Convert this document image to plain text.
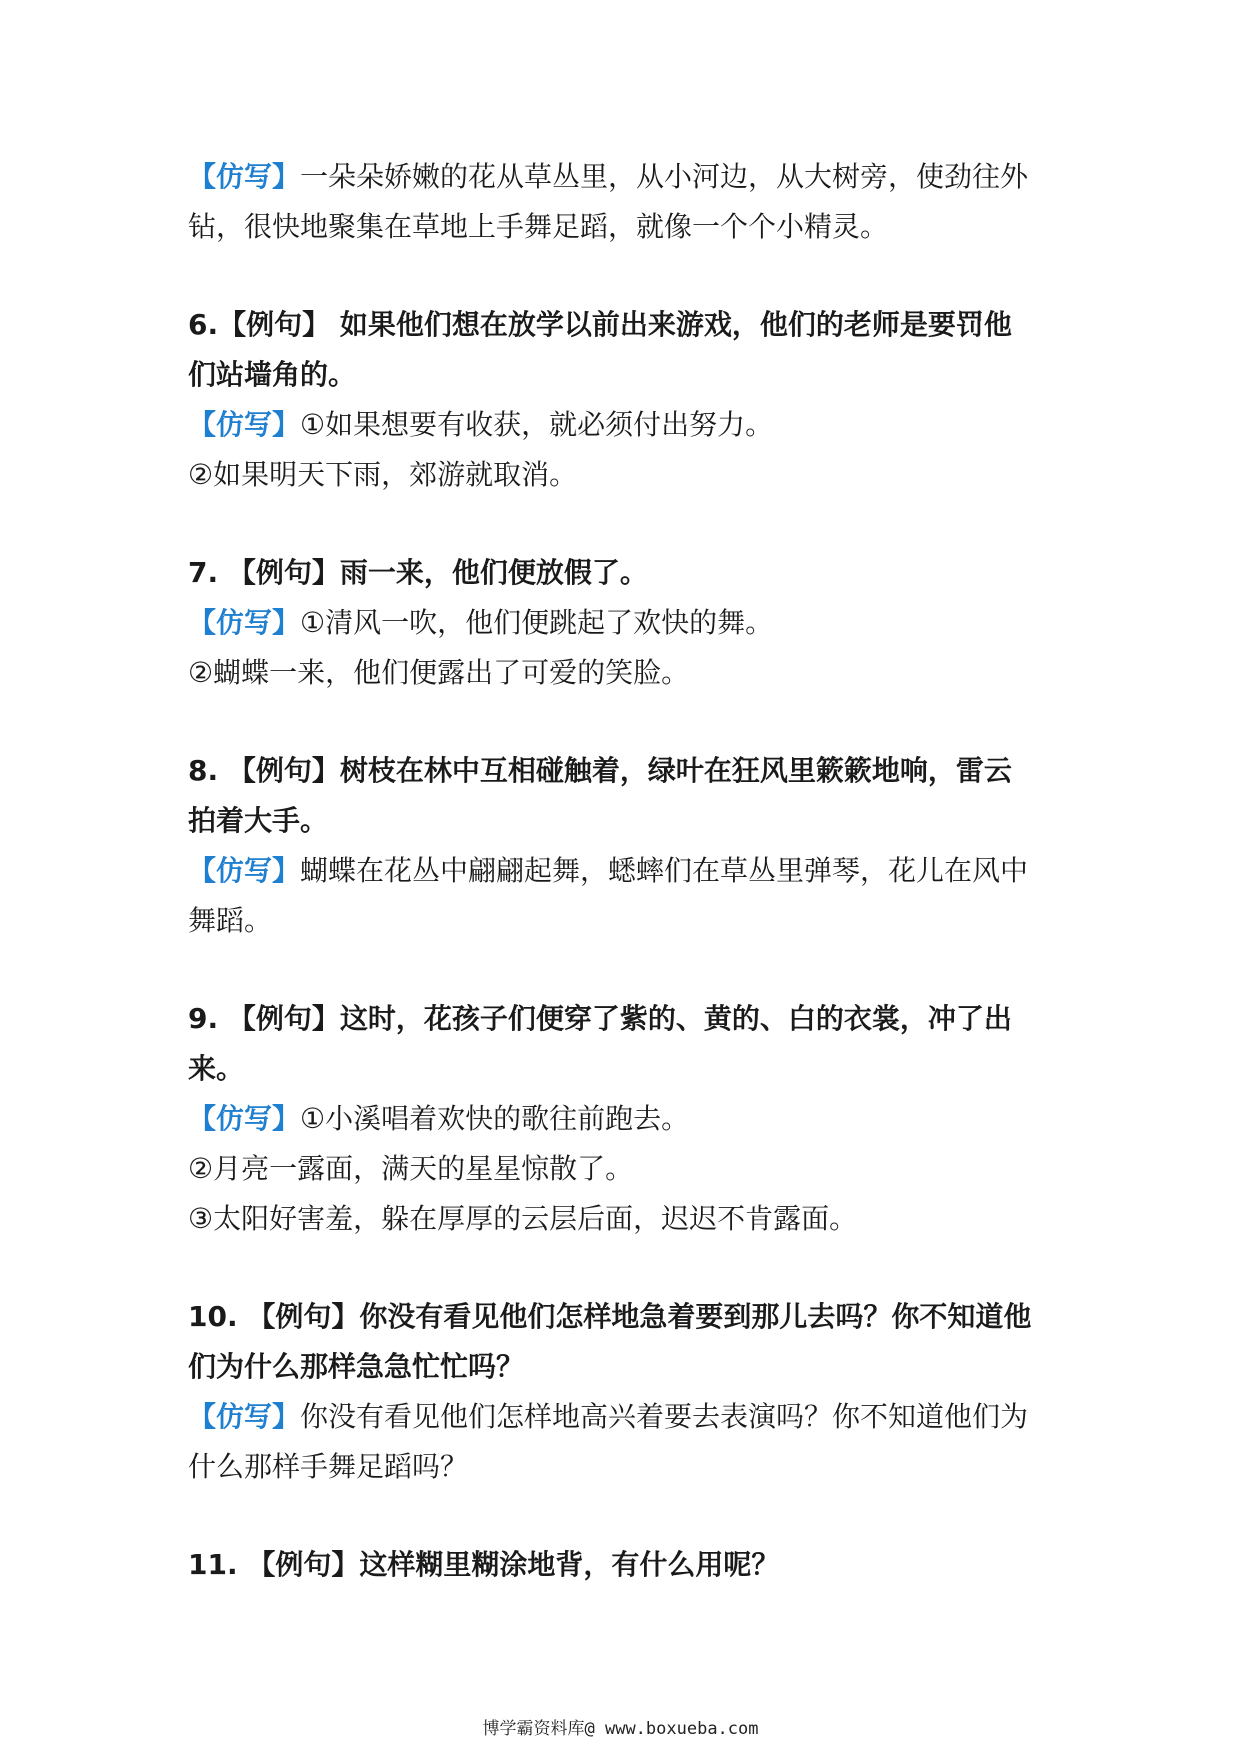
【仿写】一朵朵娇嫩的花从草丛里，从小河边，从大树旁，使劲往外
钻，很快地聚集在草地上手舞足蹈，就像一个个小精灵。
6.【例句】 如果他们想在放学以前出来游戏，他们的老师是要罚他
们站墙角的。
【仿写】①如果想要有收获，就必须付出努力。
②如果明天下雨，郊游就取消。
7. 【例句】雨一来，他们便放假了。
【仿写】①清风一吹，他们便跳起了欢快的舞。
②蝴蝶一来，他们便露出了可爱的笑脸。
8. 【例句】树枝在林中互相碰触着，绿叶在狂风里簌簌地响，雷云
拍着大手。
【仿写】蝴蝶在花丛中翩翩起舞，蟋蟀们在草丛里弹琴，花儿在风中
舞蹈。
9. 【例句】这时，花孩子们便穿了紫的、黄的、白的衣裳，冲了出
来。
【仿写】①小溪唱着欢快的歌往前跑去。
②月亮一露面，满天的星星惊散了。
③太阳好害羞，躲在厚厚的云层后面，迟迟不肯露面。
10. 【例句】你没有看见他们怎样地急着要到那儿去吗？你不知道他
们为什么那样急急忙忙吗？
【仿写】你没有看见他们怎样地高兴着要去表演吗？你不知道他们为
什么那样手舞足蹈吗？
11. 【例句】这样糊里糊涂地背，有什么用呢？
博学霸资料库@ www.boxueba.com
